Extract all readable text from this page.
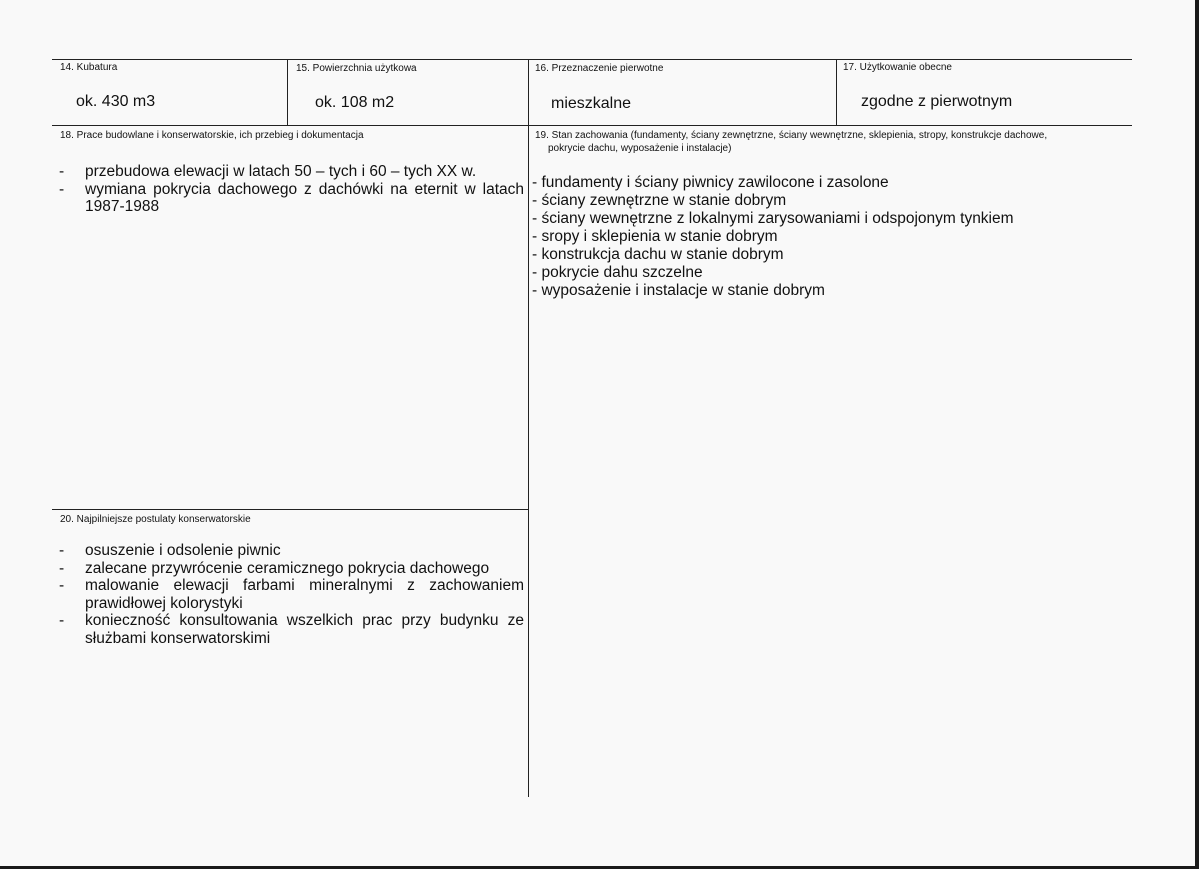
14. Kubatura
ok. 430 m3
15. Powierzchnia użytkowa
ok. 108 m2
16. Przeznaczenie pierwotne
mieszkalne
17. Użytkowanie obecne
zgodne z pierwotnym
18. Prace budowlane i konserwatorskie, ich przebieg i dokumentacja
- przebudowa elewacji w latach 50 – tych i 60 – tych XX w.
- wymiana pokrycia dachowego z dachówki na eternit w latach 1987-1988
19. Stan zachowania (fundamenty, ściany zewnętrzne, ściany wewnętrzne, sklepienia, stropy, konstrukcje dachowe,
pokrycie dachu, wyposażenie i instalacje)
- fundamenty i ściany piwnicy zawilocone i zasolone
- ściany zewnętrzne w stanie dobrym
- ściany wewnętrzne z lokalnymi zarysowaniami i odspojonym tynkiem
- sropy i sklepienia w stanie dobrym
- konstrukcja dachu w stanie dobrym
- pokrycie dahu szczelne
- wyposażenie i instalacje w stanie dobrym
20. Najpilniejsze postulaty konserwatorskie
- osuszenie i odsolenie piwnic
- zalecane przywrócenie ceramicznego pokrycia dachowego
- malowanie elewacji farbami mineralnymi z zachowaniem prawidłowej kolorystyki
- konieczność konsultowania wszelkich prac przy budynku ze służbami konserwatorskimi
